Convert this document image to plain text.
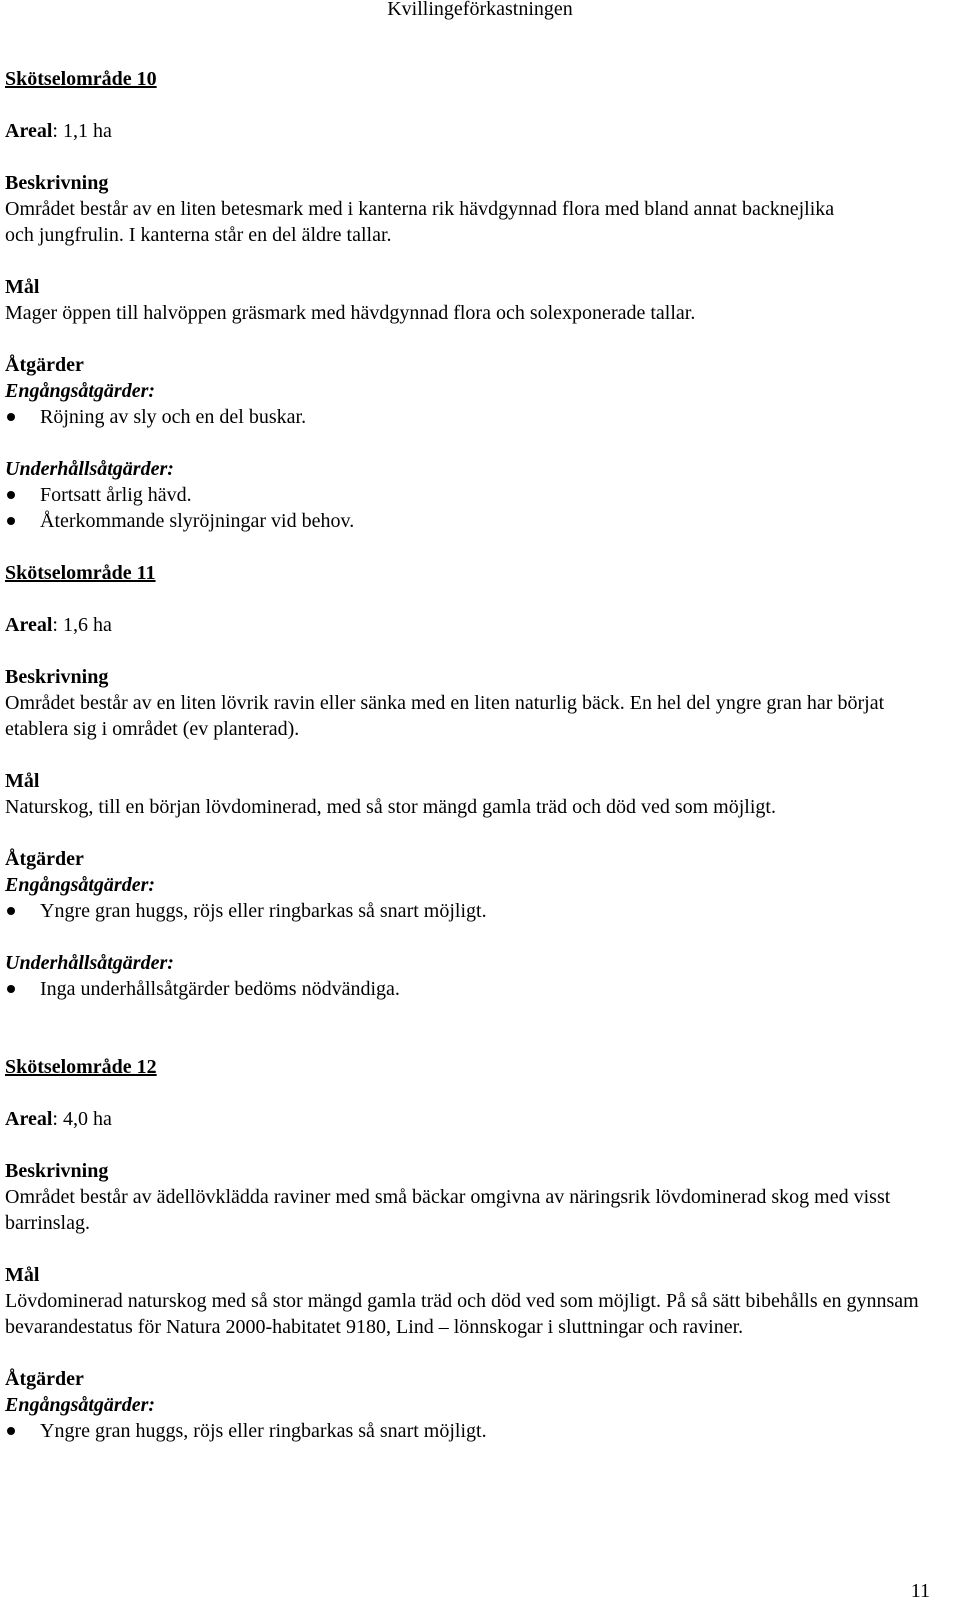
Kvillingeförkastningen

Skötselområde 10

Areal: 1,1 ha

Beskrivning

Området består av en liten betesmark med i kanterna rik hävdgynnad flora med bland annat backnejlika och jungfrulin. I kanterna står en del äldre tallar.

Mål

Mager öppen till halvöppen gräsmark med hävdgynnad flora och solexponerade tallar.

Åtgärder

Engångsåtgärder:

Röjning av sly och en del buskar.

Underhållsåtgärder:

Fortsatt årlig hävd.
Återkommande slyröjningar vid behov.

Skötselområde 11

Areal: 1,6 ha

Beskrivning

Området består av en liten lövrik ravin eller sänka med en liten naturlig bäck. En hel del yngre gran har börjat etablera sig i området (ev planterad).

Mål

Naturskog, till en början lövdominerad, med så stor mängd gamla träd och död ved som möjligt.

Åtgärder

Engångsåtgärder:

Yngre gran huggs, röjs eller ringbarkas så snart möjligt.

Underhållsåtgärder:

Inga underhållsåtgärder bedöms nödvändiga.

Skötselområde 12

Areal: 4,0 ha

Beskrivning

Området består av ädellövklädda raviner med små bäckar omgivna av näringsrik lövdominerad skog med visst barrinslag.

Mål

Lövdominerad naturskog med så stor mängd gamla träd och död ved som möjligt. På så sätt bibehålls en gynnsam bevarandestatus för Natura 2000-habitatet 9180, Lind – lönnskogar i sluttningar och raviner.

Åtgärder

Engångsåtgärder:

Yngre gran huggs, röjs eller ringbarkas så snart möjligt.
11
